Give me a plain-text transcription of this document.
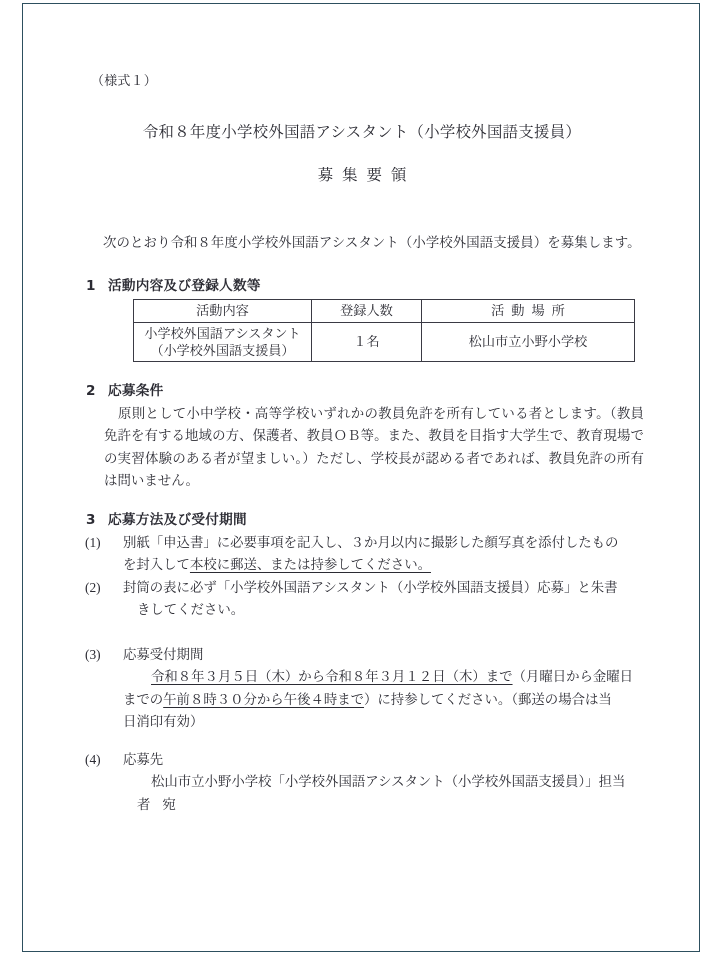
（様式１）
令和８年度小学校外国語アシスタント（小学校外国語支援員）
募集要領
次のとおり令和８年度小学校外国語アシスタント（小学校外国語支援員）を募集します。
1 活動内容及び登録人数等
活動内容	登録人数	活動場所

小学校外国語アシスタント
（小学校外国語支援員）	１名	松山市立小野小学校
2 応募条件
原則として小中学校・高等学校いずれかの教員免許を所有している者とします。（教員免許を有する地域の方、保護者、教員ＯＢ等。また、教員を目指す大学生で、教育現場での実習体験のある者が望ましい。）ただし、学校長が認める者であれば、教員免許の所有は問いません。
3 応募方法及び受付期間
(1)	別紙「申込書」に必要事項を記入し、３か月以内に撮影した顔写真を添付したもの
を封入して本校に郵送、または持参してください。
(2)	封筒の表に必ず「小学校外国語アシスタント（小学校外国語支援員）応募」と朱書
きしてください。
(3)	応募受付期間
令和８年３月５日（木）から令和８年３月１２日（木）まで（月曜日から金曜日
までの午前８時３０分から午後４時まで）に持参してください。（郵送の場合は当
日消印有効）
(4)	応募先
松山市立小野小学校「小学校外国語アシスタント（小学校外国語支援員）」担当
者 宛
